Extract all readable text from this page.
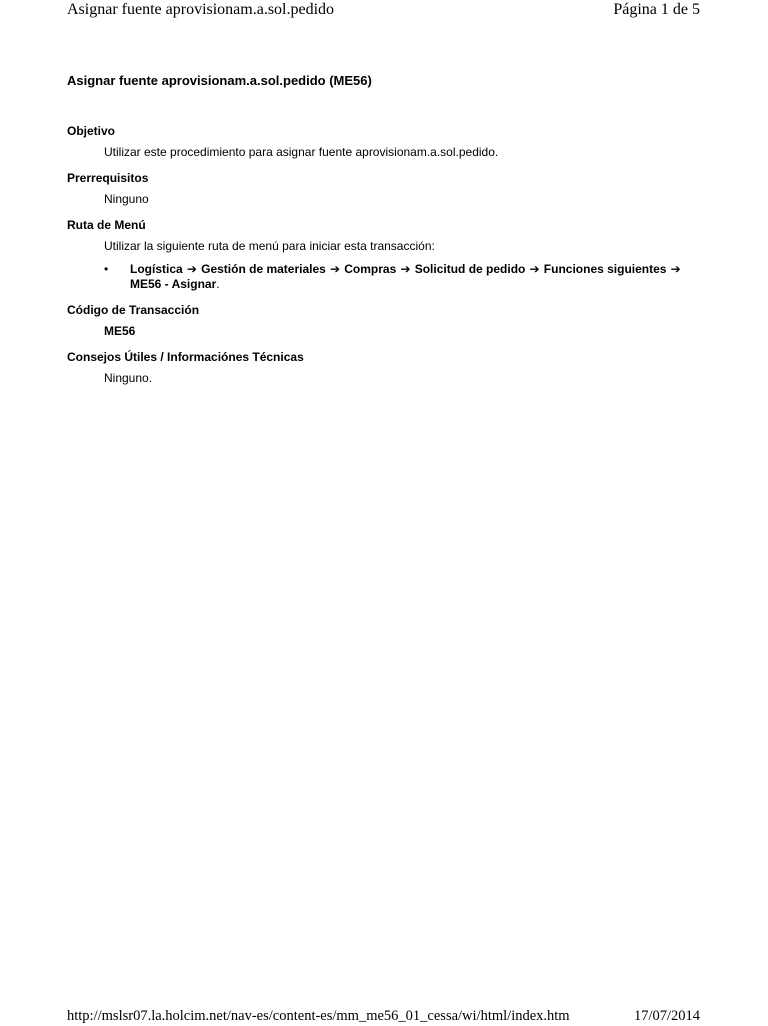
Asignar fuente aprovisionam.a.sol.pedido	Página 1 de 5
Asignar fuente aprovisionam.a.sol.pedido (ME56)
Objetivo
Utilizar este procedimiento para asignar fuente aprovisionam.a.sol.pedido.
Prerrequisitos
Ninguno
Ruta de Menú
Utilizar la siguiente ruta de menú para iniciar esta transacción:
• Logística ➔ Gestión de materiales ➔ Compras ➔ Solicitud de pedido ➔ Funciones siguientes ➔ ME56 - Asignar.
Código de Transacción
ME56
Consejos Útiles / Informaciónes Técnicas
Ninguno.
http://mslsr07.la.holcim.net/nav-es/content-es/mm_me56_01_cessa/wi/html/index.htm	17/07/2014
